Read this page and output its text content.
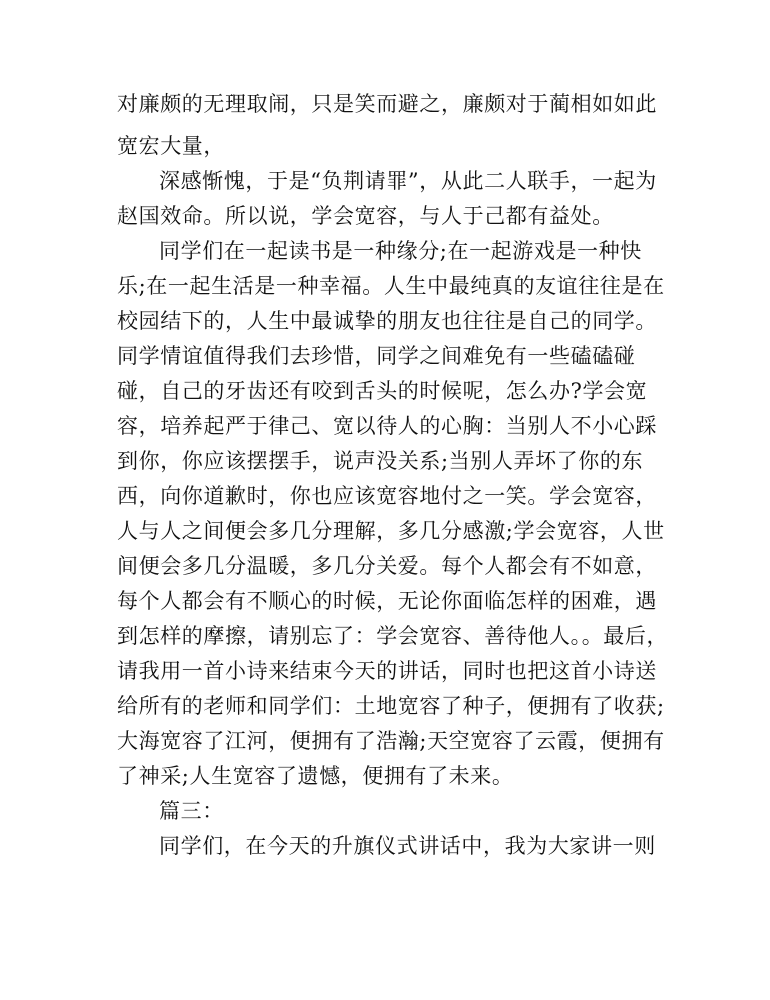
对廉颇的无理取闹，只是笑而避之，廉颇对于蔺相如如此
宽宏大量，
深感惭愧，于是“负荆请罪”，从此二人联手，一起为
赵国效命。所以说，学会宽容，与人于己都有益处。
同学们在一起读书是一种缘分;在一起游戏是一种快
乐;在一起生活是一种幸福。人生中最纯真的友谊往往是在
校园结下的，人生中最诚挚的朋友也往往是自己的同学。
同学情谊值得我们去珍惜，同学之间难免有一些磕磕碰
碰，自己的牙齿还有咬到舌头的时候呢，怎么办?学会宽
容，培养起严于律己、宽以待人的心胸：当别人不小心踩
到你，你应该摆摆手，说声没关系;当别人弄坏了你的东
西，向你道歉时，你也应该宽容地付之一笑。学会宽容，
人与人之间便会多几分理解，多几分感激;学会宽容，人世
间便会多几分温暖，多几分关爱。每个人都会有不如意，
每个人都会有不顺心的时候，无论你面临怎样的困难，遇
到怎样的摩擦，请别忘了：学会宽容、善待他人。。最后，
请我用一首小诗来结束今天的讲话，同时也把这首小诗送
给所有的老师和同学们：土地宽容了种子，便拥有了收获;
大海宽容了江河，便拥有了浩瀚;天空宽容了云霞，便拥有
了神采;人生宽容了遗憾，便拥有了未来。
篇三：
同学们，在今天的升旗仪式讲话中，我为大家讲一则
